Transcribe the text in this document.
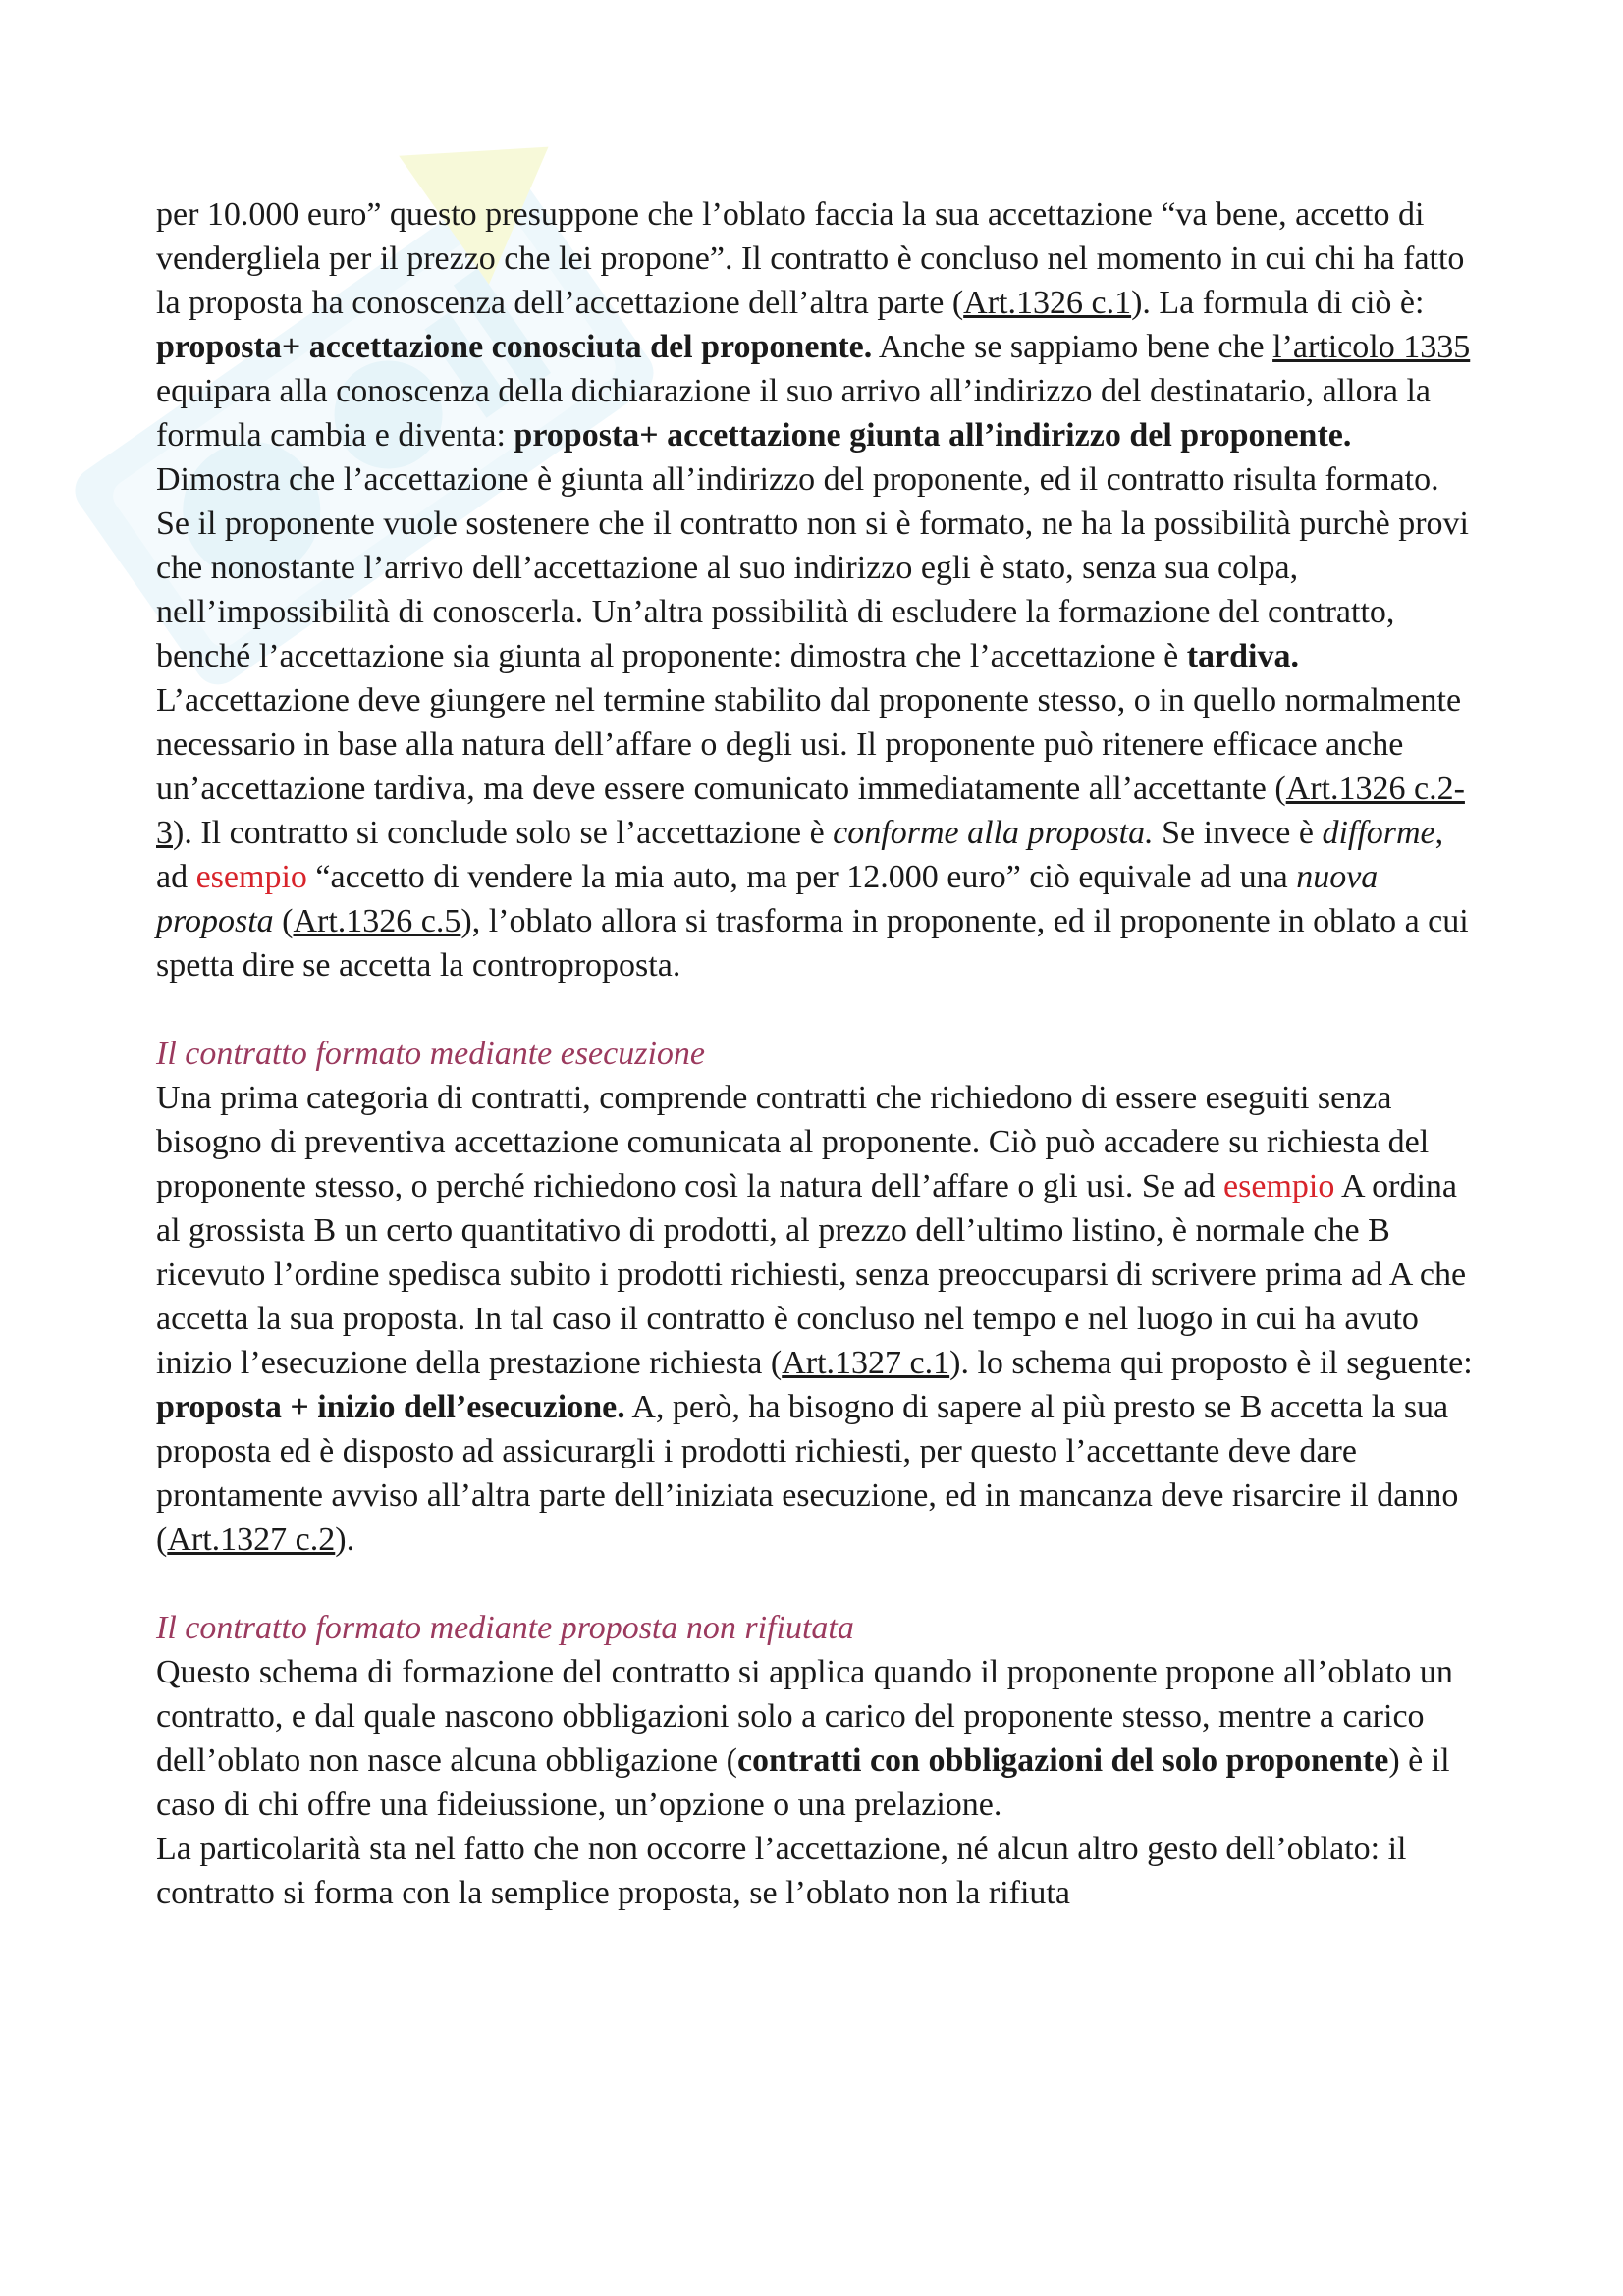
per 10.000 euro” questo presuppone che l’oblato faccia la sua accettazione “va bene, accetto di vendergliela per il prezzo che lei propone”. Il contratto è concluso nel momento in cui chi ha fatto la proposta ha conoscenza dell’accettazione dell’altra parte (Art.1326 c.1). La formula di ciò è: proposta+ accettazione conosciuta del proponente. Anche se sappiamo bene che l’articolo 1335 equipara alla conoscenza della dichiarazione il suo arrivo all’indirizzo del destinatario, allora la formula cambia e diventa: proposta+ accettazione giunta all’indirizzo del proponente. Dimostra che l’accettazione è giunta all’indirizzo del proponente, ed il contratto risulta formato. Se il proponente vuole sostenere che il contratto non si è formato, ne ha la possibilità purchè provi che nonostante l’arrivo dell’accettazione al suo indirizzo egli è stato, senza sua colpa, nell’impossibilità di conoscerla. Un’altra possibilità di escludere la formazione del contratto, benché l’accettazione sia giunta al proponente: dimostra che l’accettazione è tardiva. L’accettazione deve giungere nel termine stabilito dal proponente stesso, o in quello normalmente necessario in base alla natura dell’affare o degli usi. Il proponente può ritenere efficace anche un’accettazione tardiva, ma deve essere comunicato immediatamente all’accettante (Art.1326 c.2-3). Il contratto si conclude solo se l’accettazione è conforme alla proposta. Se invece è difforme, ad esempio “accetto di vendere la mia auto, ma per 12.000 euro” ciò equivale ad una nuova proposta (Art.1326 c.5), l’oblato allora si trasforma in proponente, ed il proponente in oblato a cui spetta dire se accetta la controproposta.

Il contratto formato mediante esecuzione

Una prima categoria di contratti, comprende contratti che richiedono di essere eseguiti senza bisogno di preventiva accettazione comunicata al proponente. Ciò può accadere su richiesta del proponente stesso, o perché richiedono così la natura dell’affare o gli usi. Se ad esempio A ordina al grossista B un certo quantitativo di prodotti, al prezzo dell’ultimo listino, è normale che B ricevuto l’ordine spedisca subito i prodotti richiesti, senza preoccuparsi di scrivere prima ad A che accetta la sua proposta. In tal caso il contratto è concluso nel tempo e nel luogo in cui ha avuto inizio l’esecuzione della prestazione richiesta (Art.1327 c.1). lo schema qui proposto è il seguente: proposta + inizio dell’esecuzione. A, però, ha bisogno di sapere al più presto se B accetta la sua proposta ed è disposto ad assicurargli i prodotti richiesti, per questo l’accettante deve dare prontamente avviso all’altra parte dell’iniziata esecuzione, ed in mancanza deve risarcire il danno (Art.1327 c.2).

Il contratto formato mediante proposta non rifiutata

Questo schema di formazione del contratto si applica quando il proponente propone all’oblato un contratto, e dal quale nascono obbligazioni solo a carico del proponente stesso, mentre a carico dell’oblato non nasce alcuna obbligazione (contratti con obbligazioni del solo proponente) è il caso di chi offre una fideiussione, un’opzione o una prelazione.

La particolarità sta nel fatto che non occorre l’accettazione, né alcun altro gesto dell’oblato: il contratto si forma con la semplice proposta, se l’oblato non la rifiuta
